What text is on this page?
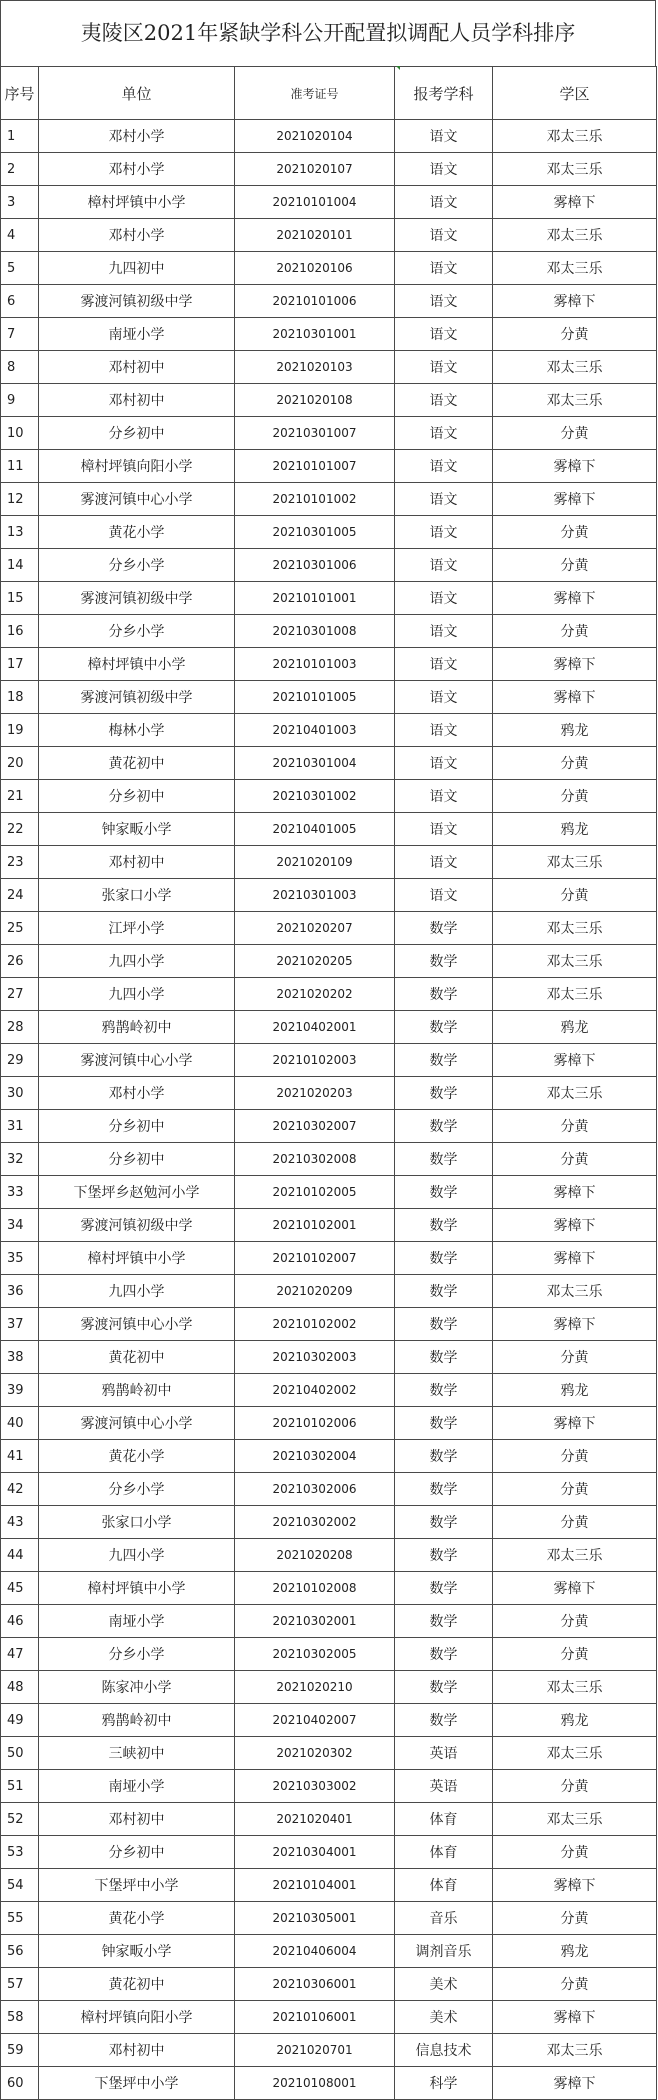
夷陵区2021年紧缺学科公开配置拟调配人员学科排序
序号	单位	准考证号	报考学科	学区
1	邓村小学	2021020104	语文	邓太三乐
2	邓村小学	2021020107	语文	邓太三乐
3	樟村坪镇中小学	20210101004	语文	雾樟下
4	邓村小学	2021020101	语文	邓太三乐
5	九四初中	2021020106	语文	邓太三乐
6	雾渡河镇初级中学	20210101006	语文	雾樟下
7	南垭小学	20210301001	语文	分黄
8	邓村初中	2021020103	语文	邓太三乐
9	邓村初中	2021020108	语文	邓太三乐
10	分乡初中	20210301007	语文	分黄
11	樟村坪镇向阳小学	20210101007	语文	雾樟下
12	雾渡河镇中心小学	20210101002	语文	雾樟下
13	黄花小学	20210301005	语文	分黄
14	分乡小学	20210301006	语文	分黄
15	雾渡河镇初级中学	20210101001	语文	雾樟下
16	分乡小学	20210301008	语文	分黄
17	樟村坪镇中小学	20210101003	语文	雾樟下
18	雾渡河镇初级中学	20210101005	语文	雾樟下
19	梅林小学	20210401003	语文	鸦龙
20	黄花初中	20210301004	语文	分黄
21	分乡初中	20210301002	语文	分黄
22	钟家畈小学	20210401005	语文	鸦龙
23	邓村初中	2021020109	语文	邓太三乐
24	张家口小学	20210301003	语文	分黄
25	江坪小学	2021020207	数学	邓太三乐
26	九四小学	2021020205	数学	邓太三乐
27	九四小学	2021020202	数学	邓太三乐
28	鸦鹊岭初中	20210402001	数学	鸦龙
29	雾渡河镇中心小学	20210102003	数学	雾樟下
30	邓村小学	2021020203	数学	邓太三乐
31	分乡初中	20210302007	数学	分黄
32	分乡初中	20210302008	数学	分黄
33	下堡坪乡赵勉河小学	20210102005	数学	雾樟下
34	雾渡河镇初级中学	20210102001	数学	雾樟下
35	樟村坪镇中小学	20210102007	数学	雾樟下
36	九四小学	2021020209	数学	邓太三乐
37	雾渡河镇中心小学	20210102002	数学	雾樟下
38	黄花初中	20210302003	数学	分黄
39	鸦鹊岭初中	20210402002	数学	鸦龙
40	雾渡河镇中心小学	20210102006	数学	雾樟下
41	黄花小学	20210302004	数学	分黄
42	分乡小学	20210302006	数学	分黄
43	张家口小学	20210302002	数学	分黄
44	九四小学	2021020208	数学	邓太三乐
45	樟村坪镇中小学	20210102008	数学	雾樟下
46	南垭小学	20210302001	数学	分黄
47	分乡小学	20210302005	数学	分黄
48	陈家冲小学	2021020210	数学	邓太三乐
49	鸦鹊岭初中	20210402007	数学	鸦龙
50	三峡初中	2021020302	英语	邓太三乐
51	南垭小学	20210303002	英语	分黄
52	邓村初中	2021020401	体育	邓太三乐
53	分乡初中	20210304001	体育	分黄
54	下堡坪中小学	20210104001	体育	雾樟下
55	黄花小学	20210305001	音乐	分黄
56	钟家畈小学	20210406004	调剂音乐	鸦龙
57	黄花初中	20210306001	美术	分黄
58	樟村坪镇向阳小学	20210106001	美术	雾樟下
59	邓村初中	2021020701	信息技术	邓太三乐
60	下堡坪中小学	20210108001	科学	雾樟下
